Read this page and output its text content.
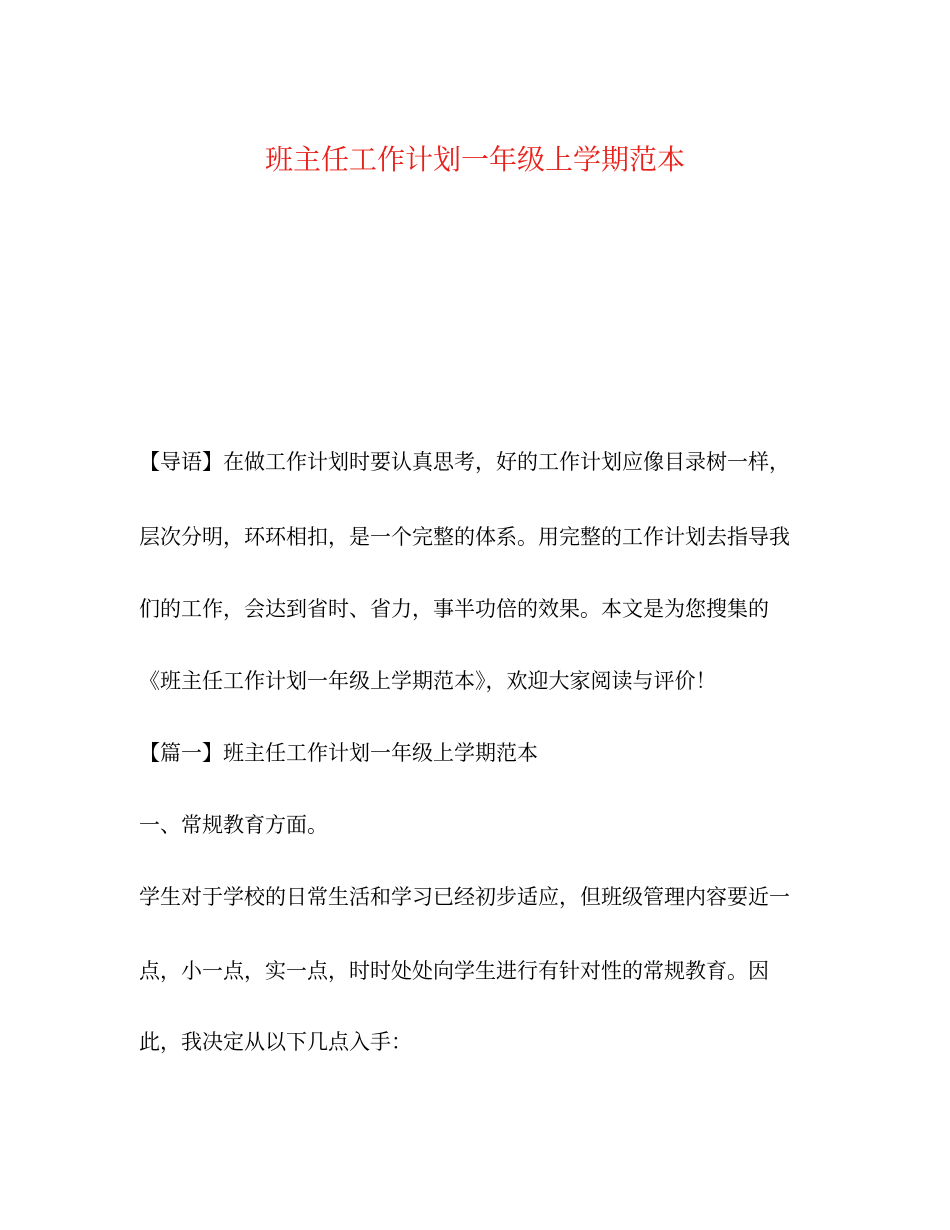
班主任工作计划一年级上学期范本
【导语】在做工作计划时要认真思考，好的工作计划应像目录树一样，
层次分明，环环相扣，是一个完整的体系。用完整的工作计划去指导我
们的工作，会达到省时、省力，事半功倍的效果。本文是为您搜集的
《班主任工作计划一年级上学期范本》，欢迎大家阅读与评价！
【篇一】班主任工作计划一年级上学期范本
一、常规教育方面。
学生对于学校的日常生活和学习已经初步适应，但班级管理内容要近一
点，小一点，实一点，时时处处向学生进行有针对性的常规教育。因
此，我决定从以下几点入手：
